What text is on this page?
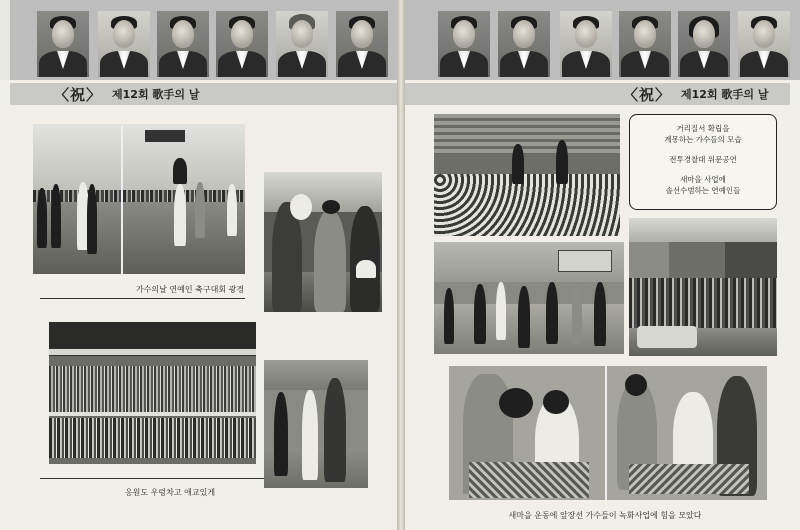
〈祝〉 제12회 歌手의 날
가수의날 연예인 축구대회 광경
응원도 우렁차고 애교있게
〈祝〉 제12회 歌手의 날
거리질서 확립을
계몽하는 가수들의 모습
전투경찰대 위문공연
새마을 사업에
솔선수범하는 연예인들
새마을 운동에 앞장선 가수들이 녹화사업에 힘을 모았다
